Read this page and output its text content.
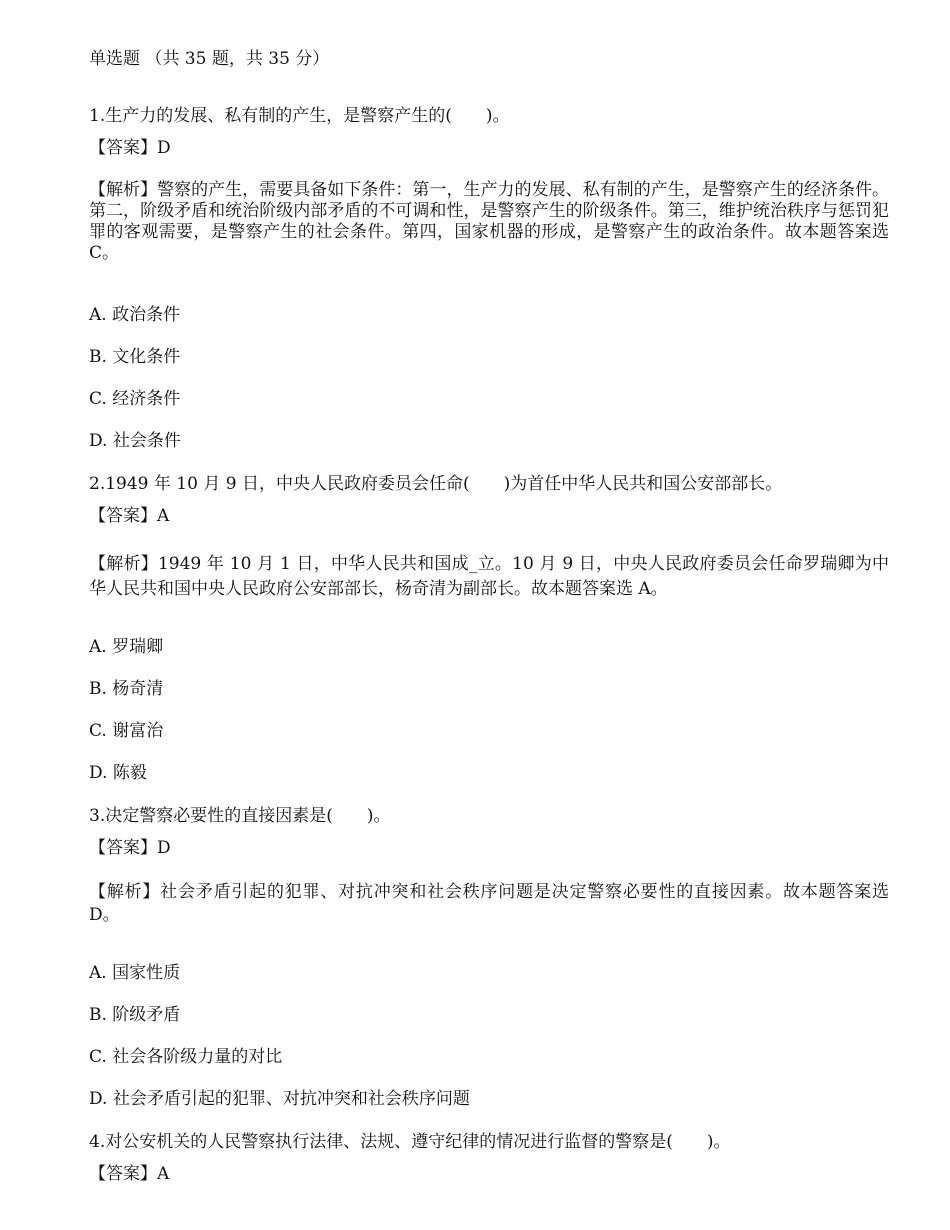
单选题 （共 35 题，共 35 分）
1.生产力的发展、私有制的产生，是警察产生的(　　)。
【答案】D
【解析】警察的产生，需要具备如下条件：第一，生产力的发展、私有制的产生，是警察产生的经济条件。第二，阶级矛盾和统治阶级内部矛盾的不可调和性，是警察产生的阶级条件。第三，维护统治秩序与惩罚犯罪的客观需要，是警察产生的社会条件。第四，国家机器的形成，是警察产生的政治条件。故本题答案选 C。
A. 政治条件
B. 文化条件
C. 经济条件
D. 社会条件
2.1949 年 10 月 9 日，中央人民政府委员会任命(　　)为首任中华人民共和国公安部部长。
【答案】A
【解析】1949 年 10 月 1 日，中华人民共和国成_立。10 月 9 日，中央人民政府委员会任命罗瑞卿为中华人民共和国中央人民政府公安部部长，杨奇清为副部长。故本题答案选 A。
A. 罗瑞卿
B. 杨奇清
C. 谢富治
D. 陈毅
3.决定警察必要性的直接因素是(　　)。
【答案】D
【解析】社会矛盾引起的犯罪、对抗冲突和社会秩序问题是决定警察必要性的直接因素。故本题答案选 D。
A. 国家性质
B. 阶级矛盾
C. 社会各阶级力量的对比
D. 社会矛盾引起的犯罪、对抗冲突和社会秩序问题
4.对公安机关的人民警察执行法律、法规、遵守纪律的情况进行监督的警察是(　　)。
【答案】A
